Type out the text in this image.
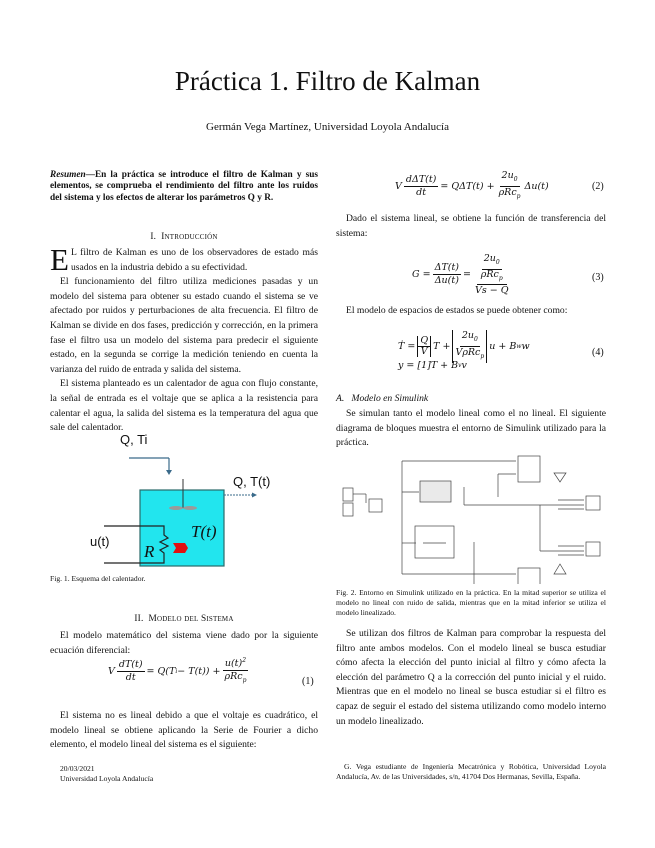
Práctica 1. Filtro de Kalman
Germán Vega Martínez, Universidad Loyola Andalucía
Resumen—En la práctica se introduce el filtro de Kalman y sus elementos, se comprueba el rendimiento del filtro ante los ruidos del sistema y los efectos de alterar los parámetros Q y R.
I. Introducción

E L filtro de Kalman es uno de los observadores de estado más usados en la industria debido a su efectividad.

El funcionamiento del filtro utiliza mediciones pasadas y un modelo del sistema para obtener su estado cuando el sistema se ve afectado por ruidos y perturbaciones de alta frecuencia. El filtro de Kalman se divide en dos fases, predicción y corrección, en la primera fase el filtro usa un modelo del sistema para predecir el siguiente estado, en la segunda se corrige la medición teniendo en cuenta la varianza del ruido de entrada y salida del sistema.

El sistema planteado es un calentador de agua con flujo constante, la señal de entrada es el voltaje que se aplica a la resistencia para calentar el agua, la salida del sistema es la temperatura del agua que sale del calentador.

Q, Ti
Q, T(t)
u(t)
T(t)
R
Fig. 1. Esquema del calentador.
II. Modelo del Sistema

El modelo matemático del sistema viene dado por la siguiente ecuación diferencial:

V $\frac{dT(t)}{dt} = Q(T$ $i - T(t)) + \frac{u(t)^2}{\rho Rc_p}$	(1)

El sistema no es lineal debido a que el voltaje es cuadrático, el modelo lineal se obtiene aplicando la Serie de Fourier a dicho elemento, el modelo lineal del sistema es el siguiente:

20/03/2021
Universidad Loyola Andalucía
V $\frac{\text{dΔT(t)}}{dt} = Q\Delta T(t) + \frac{2u_0}{\rho Rc_p} \Delta u(t)$	(2)

Dado el sistema lineal, se obtiene la función de transferencia del sistema:

$G = \frac{\Delta T(t)}{\Delta u(t)} = \frac{\frac{2u_0}{\rho Rc_p}}{Vs - Q}$	(3)

El modelo de espacios de estados se puede obtener como:

Ṫ = $\frac{Q}{V}$ $T + \frac{2u_0}{V\rho Rc_p}$ u + B w w
y = [1]T + B v v
(4)
A.   Modelo en Simulink

Se simulan tanto el modelo lineal como el no lineal. El siguiente diagrama de bloques muestra el entorno de Simulink utilizado para la práctica.

Fig. 2. Entorno en Simulink utilizado en la práctica. En la mitad superior se utiliza el modelo no lineal con ruido de salida, mientras que en la mitad inferior se utiliza el modelo linealizado.

Se utilizan dos filtros de Kalman para comprobar la respuesta del filtro ante ambos modelos. Con el modelo lineal se busca estudiar cómo afecta la elección del punto inicial al filtro y cómo afecta la elección del parámetro Q a la corrección del punto inicial y el ruido. Mientras que en el modelo no lineal se busca estudiar si el filtro es capaz de seguir el estado del sistema utilizando como modelo interno un modelo linealizado.

G. Vega estudiante de Ingeniería Mecatrónica y Robótica, Universidad Loyola Andalucía, Av. de las Universidades, s/n, 41704 Dos Hermanas, Sevilla, España.
